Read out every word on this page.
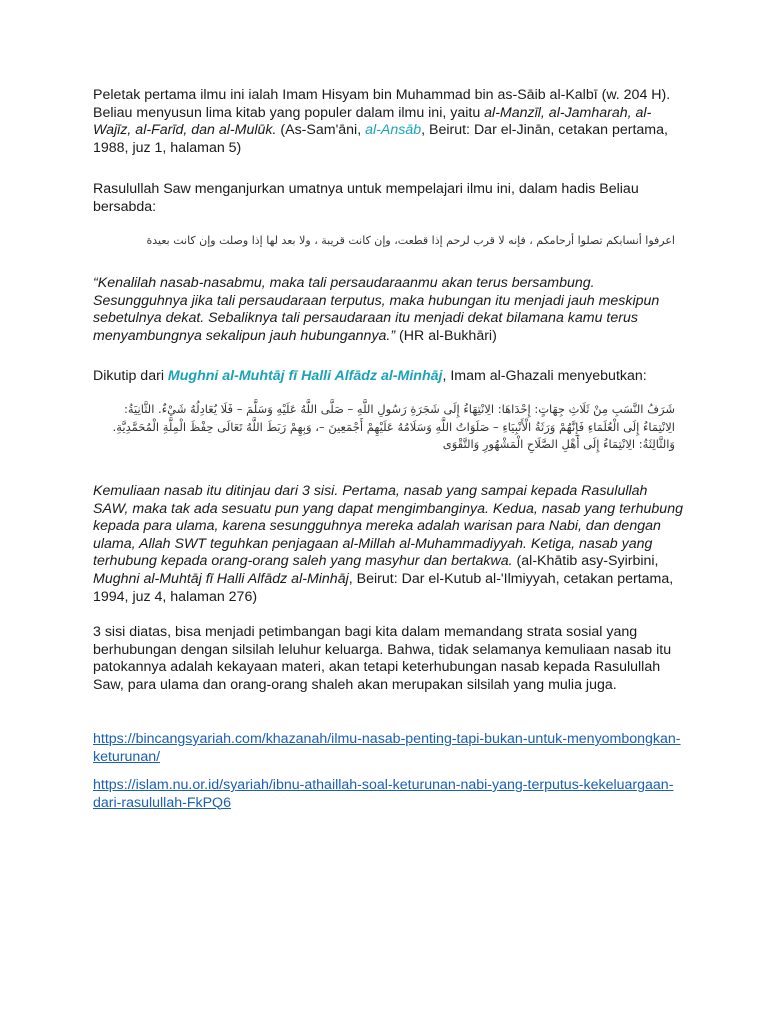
Peletak pertama ilmu ini ialah Imam Hisyam bin Muhammad bin as-Sāib al-Kalbī (w. 204 H). Beliau menyusun lima kitab yang populer dalam ilmu ini, yaitu al-Manzīl, al-Jamharah, al-Wajīz, al-Farīd, dan al-Mulūk. (As-Sam'āni, al-Ansāb, Beirut: Dar el-Jinān, cetakan pertama, 1988, juz 1, halaman 5)

Rasulullah Saw menganjurkan umatnya untuk mempelajari ilmu ini, dalam hadis Beliau bersabda:

اعرفوا أنسابكم تصلوا أرحامكم ، فإنه لا قرب لرحم إذا قطعت، وإن كانت قريبة ، ولا بعد لها إذا وصلت وإن كانت بعيدة

“Kenalilah nasab-nasabmu, maka tali persaudaraanmu akan terus bersambung. Sesungguhnya jika tali persaudaraan terputus, maka hubungan itu menjadi jauh meskipun sebetulnya dekat. Sebaliknya tali persaudaraan itu menjadi dekat bilamana kamu terus menyambungnya sekalipun jauh hubungannya.” (HR al-Bukhāri)

Dikutip dari Mughni al-Muhtāj fī Halli Alfādz al-Minhāj, Imam al-Ghazali menyebutkan:

شَرَفُ النَّسَبِ مِنْ ثَلَاثِ جِهَاتٍ: إِحْدَاهَا: الِانْتِهَاءُ إِلَى شَجَرَةِ رَسُولِ اللَّهِ – صَلَّى اللَّهُ عَلَيْهِ وَسَلَّمَ – فَلَا يُعَادِلُهُ شَيْءٌ. الثَّانِيَةُ: الِانْتِمَاءُ إِلَى الْعُلَمَاءِ فَإِنَّهُمْ وَرَثَةُ الْأَنْبِيَاءِ – صَلَوَاتُ اللَّهِ وَسَلَامُهُ عَلَيْهِمْ أَجْمَعِينَ –، وَبِهِمْ رَبَطَ اللَّهُ تَعَالَى حِفْظَ الْمِلَّةِ الْمُحَمَّدِيَّةِ. وَالثَّالِثَةُ: الِانْتِمَاءُ إِلَى أَهْلِ الصَّلَاحِ الْمَشْهُورِ وَالتَّقْوَى

Kemuliaan nasab itu ditinjau dari 3 sisi. Pertama, nasab yang sampai kepada Rasulullah SAW, maka tak ada sesuatu pun yang dapat mengimbanginya. Kedua, nasab yang terhubung kepada para ulama, karena sesungguhnya mereka adalah warisan para Nabi, dan dengan ulama, Allah SWT teguhkan penjagaan al-Millah al-Muhammadiyyah. Ketiga, nasab yang terhubung kepada orang-orang saleh yang masyhur dan bertakwa. (al-Khātib asy-Syirbini, Mughni al-Muhtāj fī Halli Alfādz al-Minhāj, Beirut: Dar el-Kutub al-'Ilmiyyah, cetakan pertama, 1994, juz 4, halaman 276)

3 sisi diatas, bisa menjadi petimbangan bagi kita dalam memandang strata sosial yang berhubungan dengan silsilah leluhur keluarga. Bahwa, tidak selamanya kemuliaan nasab itu patokannya adalah kekayaan materi, akan tetapi keterhubungan nasab kepada Rasulullah Saw, para ulama dan orang-orang shaleh akan merupakan silsilah yang mulia juga.

https://bincangsyariah.com/khazanah/ilmu-nasab-penting-tapi-bukan-untuk-menyombongkan-keturunan/

https://islam.nu.or.id/syariah/ibnu-athaillah-soal-keturunan-nabi-yang-terputus-kekeluargaan-dari-rasulullah-FkPQ6
